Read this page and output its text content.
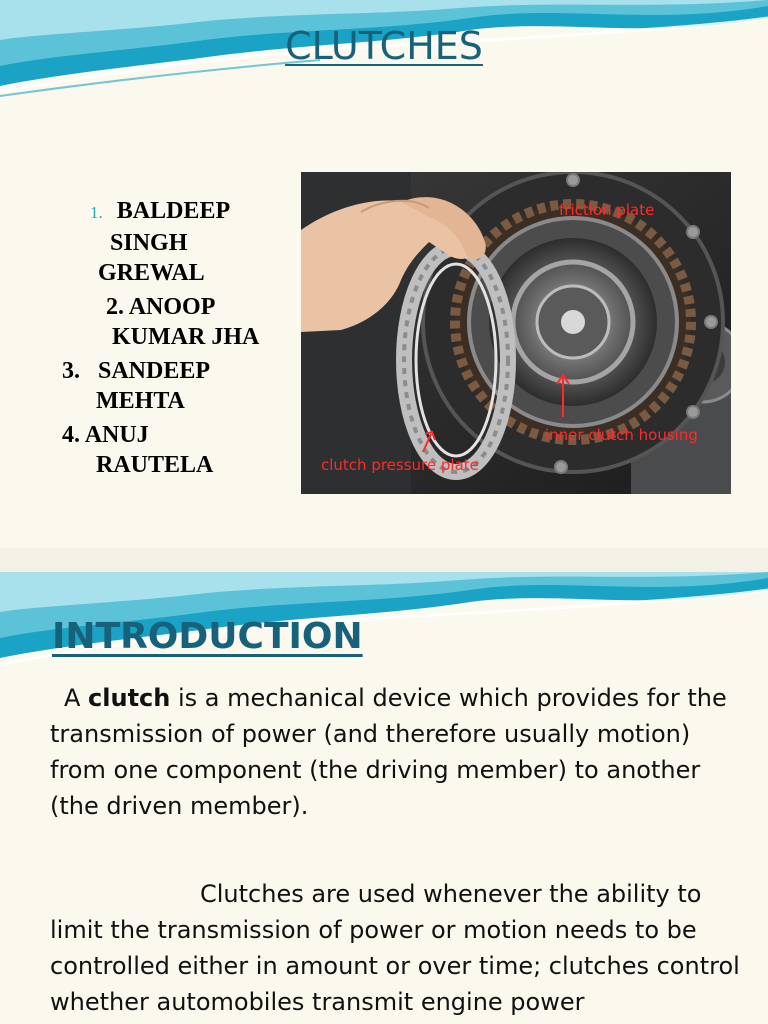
CLUTCHES
1. BALDEEP
SINGH
GREWAL
2. ANOOP
KUMAR JHA
3. SANDEEP
MEHTA
4. ANUJ
RAUTELA
friction plate
inner clutch housing
clutch pressure plate
INTRODUCTION

A clutch is a mechanical device which provides for the transmission of power (and therefore usually motion) from one component (the driving member) to another (the driven member).

Clutches are used whenever the ability to limit the transmission of power or motion needs to be controlled either in amount or over time; clutches control whether automobiles transmit engine power
